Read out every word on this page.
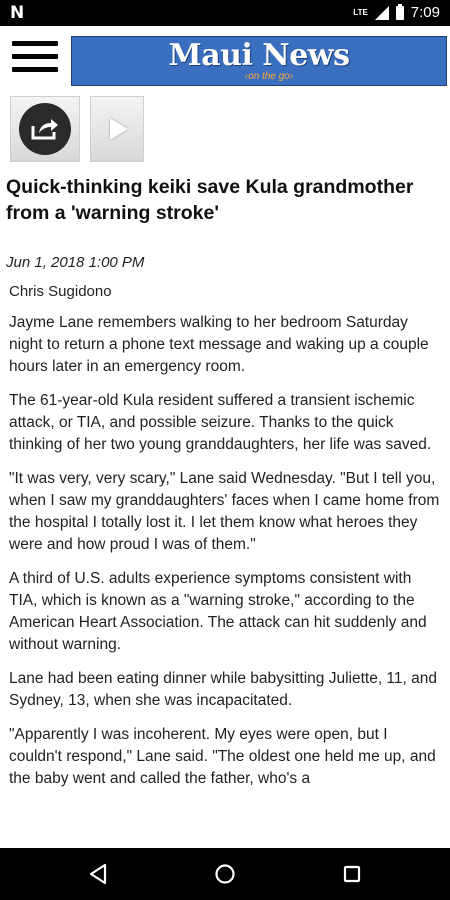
N	LTE	7:09
Maui News
‹on the go›
Quick-thinking keiki save Kula grandmother from a 'warning stroke'
Jun 1, 2018 1:00 PM
Chris Sugidono

Jayme Lane remembers walking to her bedroom Saturday night to return a phone text message and waking up a couple hours later in an emergency room.

The 61-year-old Kula resident suffered a transient ischemic attack, or TIA, and possible seizure. Thanks to the quick thinking of her two young granddaughters, her life was saved.

"It was very, very scary," Lane said Wednesday. "But I tell you, when I saw my granddaughters' faces when I came home from the hospital I totally lost it. I let them know what heroes they were and how proud I was of them."

A third of U.S. adults experience symptoms consistent with TIA, which is known as a "warning stroke," according to the American Heart Association. The attack can hit suddenly and without warning.

Lane had been eating dinner while babysitting Juliette, 11, and Sydney, 13, when she was incapacitated.

"Apparently I was incoherent. My eyes were open, but I couldn't respond," Lane said. "The oldest one held me up, and the baby went and called the father, who's a
